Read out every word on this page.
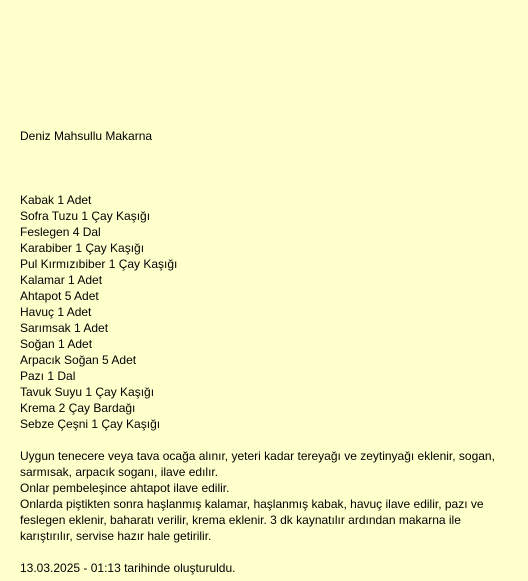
Deniz Mahsullu Makarna
Kabak 1 Adet
Sofra Tuzu 1 Çay Kaşığı
Feslegen 4 Dal
Karabiber 1 Çay Kaşığı
Pul Kırmızıbiber 1 Çay Kaşığı
Kalamar 1 Adet
Ahtapot 5 Adet
Havuç 1 Adet
Sarımsak 1 Adet
Soğan 1 Adet
Arpacık Soğan 5 Adet
Pazı 1 Dal
Tavuk Suyu 1 Çay Kaşığı
Krema 2 Çay Bardağı
Sebze Çeşni 1 Çay Kaşığı

Uygun tenecere veya tava ocağa alınır, yeteri kadar tereyağı ve zeytinyağı eklenir, sogan, sarmısak, arpacık soganı, ilave edılır.

Onlar pembeleşince ahtapot ilave edilir.

Onlarda piştikten sonra haşlanmış kalamar, haşlanmış kabak, havuç ilave edilir, pazı ve feslegen eklenir, baharatı verilir, krema eklenir. 3 dk kaynatılır ardından makarna ile karıştırılır, servise hazır hale getirilir.

13.03.2025 - 01:13 tarihinde oluşturuldu.
